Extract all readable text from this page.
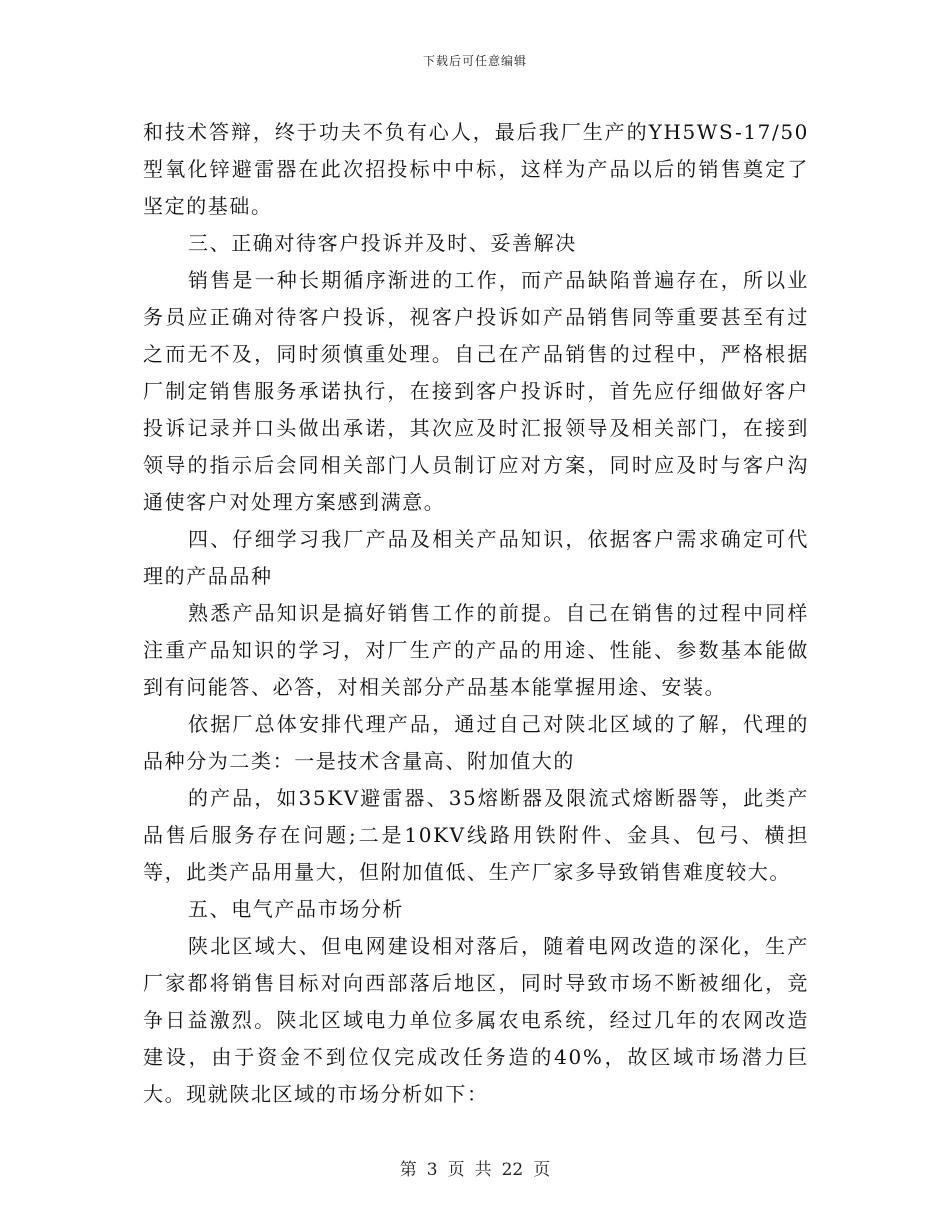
下载后可任意编辑

和技术答辩，终于功夫不负有心人，最后我厂生产的YH5WS-17/50型氧化锌避雷器在此次招投标中中标，这样为产品以后的销售奠定了坚定的基础。

三、正确对待客户投诉并及时、妥善解决

销售是一种长期循序渐进的工作，而产品缺陷普遍存在，所以业务员应正确对待客户投诉，视客户投诉如产品销售同等重要甚至有过之而无不及，同时须慎重处理。自己在产品销售的过程中，严格根据厂制定销售服务承诺执行，在接到客户投诉时，首先应仔细做好客户投诉记录并口头做出承诺，其次应及时汇报领导及相关部门，在接到领导的指示后会同相关部门人员制订应对方案，同时应及时与客户沟通使客户对处理方案感到满意。

四、仔细学习我厂产品及相关产品知识，依据客户需求确定可代理的产品品种

熟悉产品知识是搞好销售工作的前提。自己在销售的过程中同样注重产品知识的学习，对厂生产的产品的用途、性能、参数基本能做到有问能答、必答，对相关部分产品基本能掌握用途、安装。

依据厂总体安排代理产品，通过自己对陕北区域的了解，代理的品种分为二类：一是技术含量高、附加值大的

的产品，如35KV避雷器、35熔断器及限流式熔断器等，此类产品售后服务存在问题;二是10KV线路用铁附件、金具、包弓、横担等，此类产品用量大，但附加值低、生产厂家多导致销售难度较大。

五、电气产品市场分析

陕北区域大、但电网建设相对落后，随着电网改造的深化，生产厂家都将销售目标对向西部落后地区，同时导致市场不断被细化，竞争日益激烈。陕北区域电力单位多属农电系统，经过几年的农网改造建设，由于资金不到位仅完成改任务造的40%，故区域市场潜力巨大。现就陕北区域的市场分析如下：

第 3 页 共 22 页
